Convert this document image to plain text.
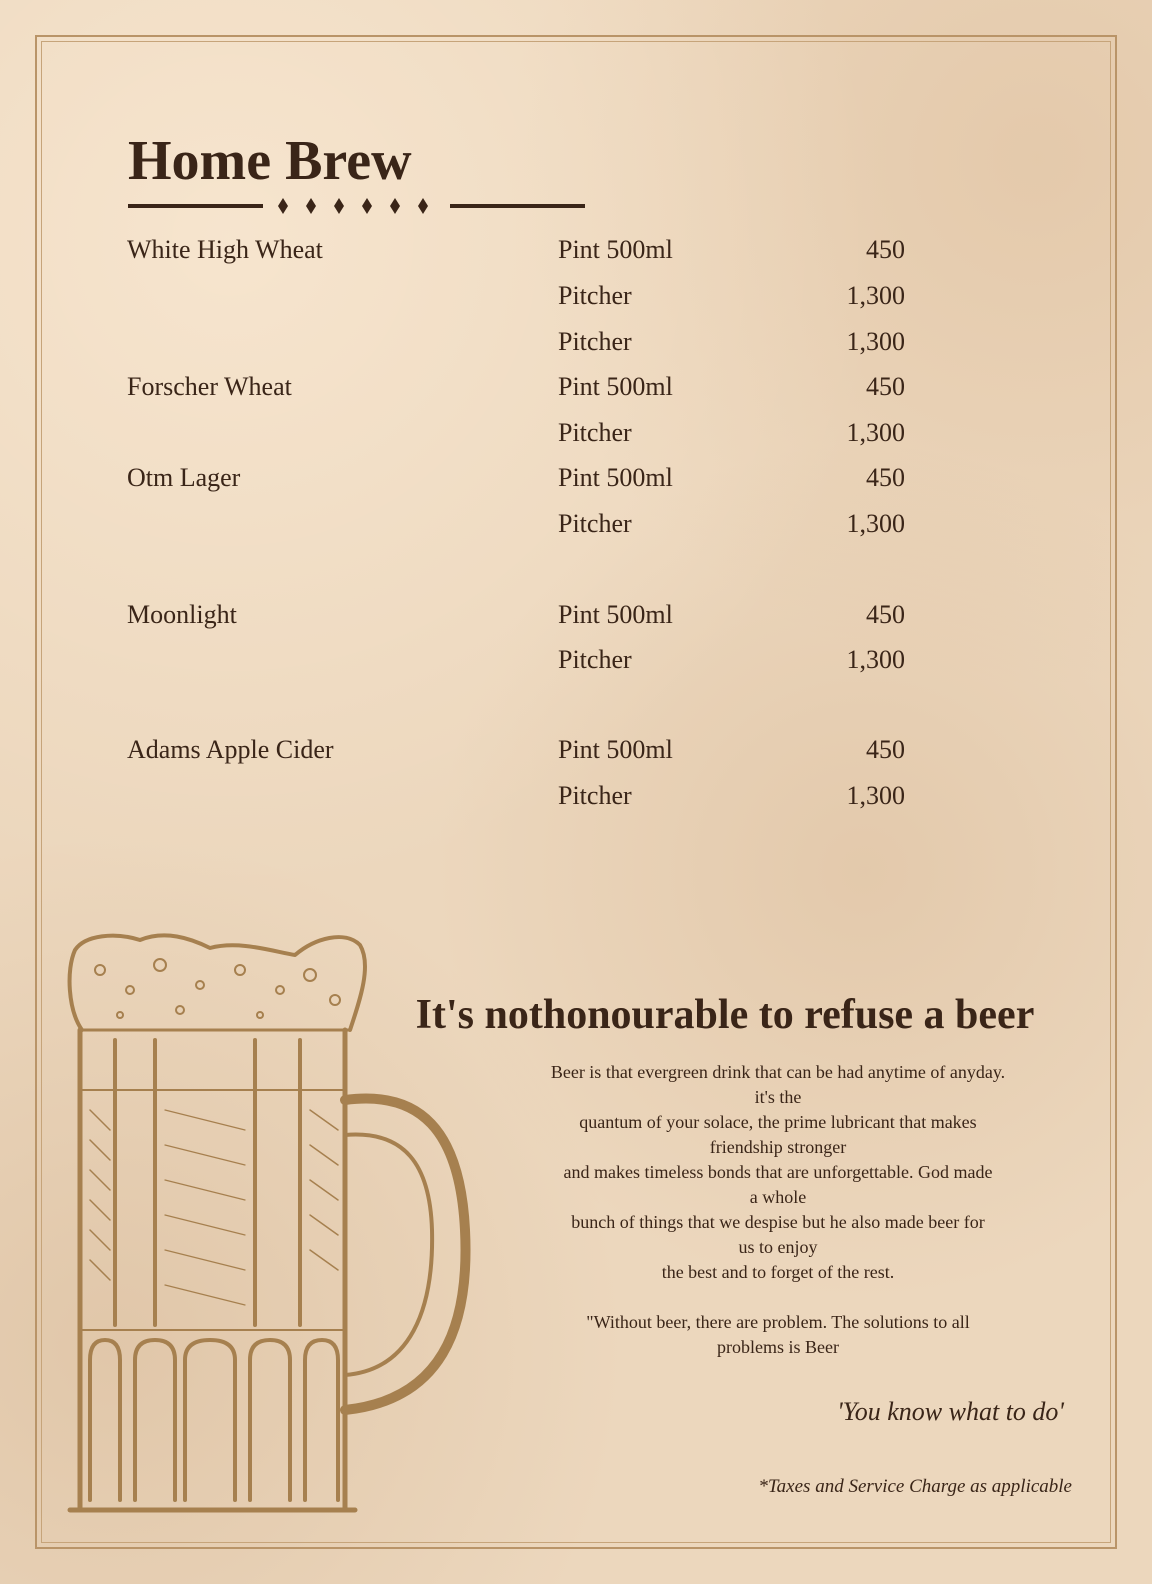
Home Brew
White High Wheat	Pint 500ml	450
Pitcher	1,300
Pitcher	1,300
Forscher Wheat	Pint 500ml	450
Pitcher	1,300
Otm Lager	Pint 500ml	450
Pitcher	1,300
Moonlight	Pint 500ml	450
Pitcher	1,300
Adams Apple Cider	Pint 500ml	450
Pitcher	1,300
It's nothonourable to refuse a beer
Beer is that evergreen drink that can be had anytime of anyday.
it's the
quantum of your solace, the prime lubricant that makes
friendship stronger
and makes timeless bonds that are unforgettable. God made
a whole
bunch of things that we despise but he also made beer for
us to enjoy
the best and to forget of the rest.
"Without beer, there are problem. The solutions to all
problems is Beer

'You know what to do'

*Taxes and Service Charge as applicable
